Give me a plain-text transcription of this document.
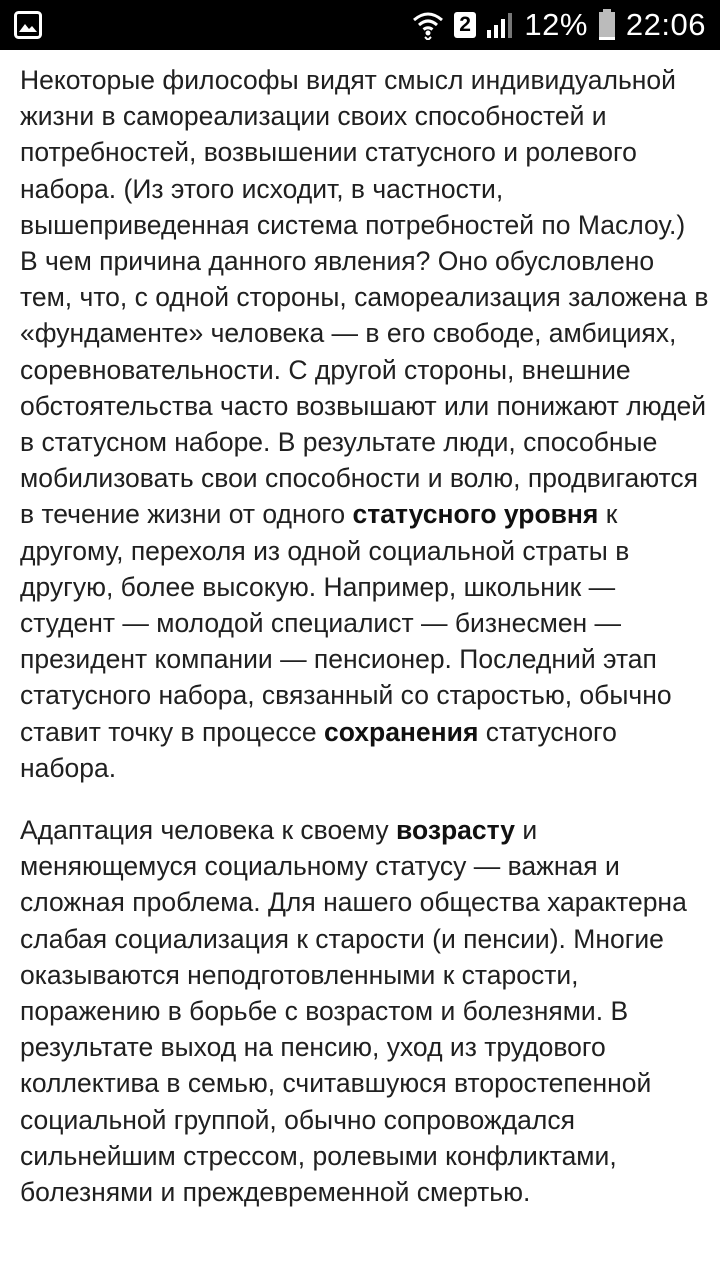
2 12% 22:06

Некоторые философы видят смысл индивидуальной жизни в самореализации своих способностей и потребностей, возвышении статусного и ролевого набора. (Из этого исходит, в частности, вышеприведенная система потребностей по Маслоу.) В чем причина данного явления? Оно обусловлено тем, что, с одной стороны, самореализация заложена в «фундаменте» человека — в его свободе, амбициях, соревновательности. С другой стороны, внешние обстоятельства часто возвышают или понижают людей в статусном наборе. В результате люди, способные мобилизовать свои способности и волю, продвигаются в течение жизни от одного статусного уровня к другому, перехоля из одной социальной страты в другую, более высокую. Например, школьник — студент — молодой специалист — бизнесмен — президент компании — пенсионер. Последний этап статусного набора, связанный со старостью, обычно ставит точку в процессе сохранения статусного набора.

Адаптация человека к своему возрасту и меняющемуся социальному статусу — важная и сложная проблема. Для нашего общества характерна слабая социализация к старости (и пенсии). Многие оказываются неподготовленными к старости, поражению в борьбе с возрастом и болезнями. В результате выход на пенсию, уход из трудового коллектива в семью, считавшуюся второстепенной социальной группой, обычно сопровождался сильнейшим стрессом, ролевыми конфликтами, болезнями и преждевременной смертью.
